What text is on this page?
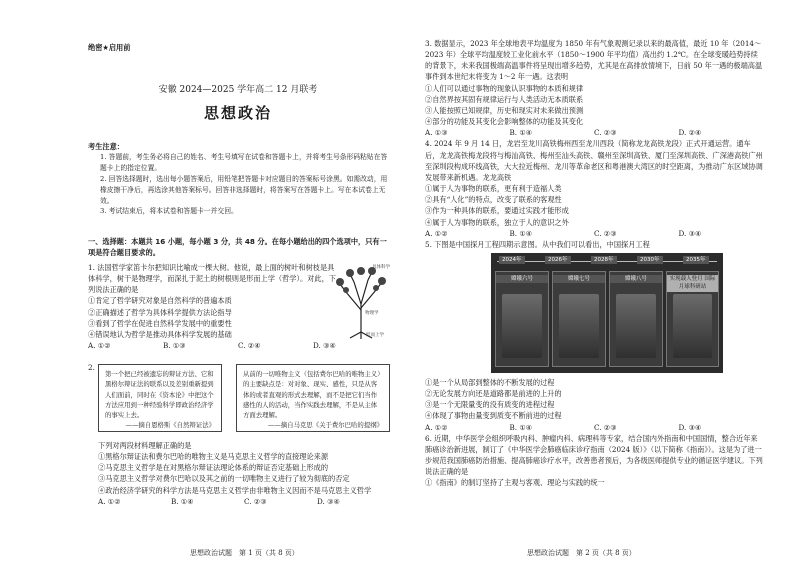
绝密★启用前
安徽 2024—2025 学年高二 12 月联考
思想政治
考生注意：

1. 答题前，考生务必将自己的姓名、考生号填写在试卷和答题卡上，并将考生号条形码粘贴在答题卡上的指定位置。

2. 回答选择题时，选出每小题答案后，用铅笔把答题卡对应题目的答案标号涂黑。如需改动，用橡皮擦干净后，再选涂其他答案标号。回答非选择题时，将答案写在答题卡上。写在本试卷上无效。

3. 考试结束后，将本试卷和答题卡一并交回。

一、选择题：本题共 16 小题，每小题 3 分，共 48 分。在每小题给出的四个选项中，只有一项是符合题目要求的。
1. 法国哲学家笛卡尔把知识比喻成一棵大树。他说，最上面的树叶和树枝是具体科学，树干是物理学，而深扎于泥土的树根则是形而上学（哲学）。对此，下列说法正确的是
①肯定了哲学研究对象是自然科学的普遍本质
②正确描述了哲学为具体科学提供方法论指导
③看到了哲学在促进自然科学发展中的重要性
④错误地认为哲学是推动具体科学发展的基础
A. ①②	B. ①③	C. ②④	D. ③④
具体科学
物理学
形而上学
2.
第一个把已经被遗忘的辩证方法、它和黑格尔辩证法的联系以及差别重新提到人们面前，同时在《资本论》中把这个方法应用到一种经验科学即政治经济学的事实上去。
——摘自恩格斯《自然辩证法》
从前的一切唯物主义（包括费尔巴哈的唯物主义）的主要缺点是：对对象、现实、感性，只是从客体的或者直观的形式去理解，而不是把它们当作感性的人的活动，当作实践去理解，不是从主体方面去理解。
——摘自马克思《关于费尔巴哈的提纲》
下列对两段材料理解正确的是
①黑格尔辩证法和费尔巴哈的唯物主义是马克思主义哲学的直接理论来源
②马克思主义哲学是在对黑格尔辩证法理论体系的辩证否定基础上形成的
③马克思主义哲学对费尔巴哈以及其之前的一切唯物主义进行了较为彻底的否定
④政治经济学研究的科学方法是马克思主义哲学由非唯物主义因而不是马克思主义哲学
A. ①②	B. ①④	C. ②③	D. ③④
思想政治试题　第 1 页（共 8 页）

3. 数据显示，2023 年全球地表平均温度为 1850 年有气象观测记录以来的最高值，最近 10 年（2014～2023 年）全球平均温度较工业化前水平（1850～1900 年平均值）高出约 1.2℃。在全球变暖趋势持续的背景下，未来我国极端高温事件将呈现出增多趋势，尤其是在高排放情境下，日前 50 年一遇的极端高温事件到本世纪末将变为 1～2 年一遇。这表明

①人们可以通过事物的现象认识事物的本质和规律

②自然界按其固有规律运行与人类活动无本质联系

③人能按照已知规律，历史和现实对未来做出预测

④部分的功能及其变化会影响整体的功能及其变化

A. ①③	B. ①④	C. ②③	D. ②④

4. 2024 年 9 月 14 日，龙岩至龙川高铁梅州西至龙川西段（简称龙龙高铁龙段）正式开通运营。通车后，龙龙高铁梅龙段将与梅汕高铁、梅州至汕头高铁、赣州至深圳高铁、厦门至深圳高铁、广深港高铁广州至深圳段构成环线高铁，大大拉近梅州、龙川等革命老区和粤港澳大湾区的时空距离，为推动广东区域协调发展带来新机遇。龙龙高铁

①属于人为事物的联系，更有利于造福人类

②具有“人化”的特点，改变了联系的客观性

③作为一种具体的联系，要通过实践才能形成

④属于人为事物的联系，独立于人的意识之外

A. ①②	B. ①④	C. ②③	D. ③④

5. 下图是中国探月工程四期示意图。从中我们可以看出，中国探月工程

2024年	2026年	2028年	2030年	2035年
嫦娥六号	嫦娥七号	嫦娥八号	实现载人登月 国际月球科研站

①是一个从局部到整体的不断发展的过程

②无论发展方向还是道路都是前进的上升的

③是一个无限量变的没有质变的进程过程

④体现了事物由量变到质变不断前进的过程

A. ①②	B. ①④	C. ②③	D. ③④

6. 近期，中华医学会组织呼吸内科、肿瘤内科、病理科等专家，结合国内外指南和中国国情，整合近年来肺癌诊治新进展，制订了《中华医学会肺癌临床诊疗指南（2024 版）》（以下简称《指南》）。这是为了进一步规范我国肺癌防治措施、提高肺癌诊疗水平，改善患者预后，为各级医师提供专业的循证医学建议。下列说法正确的是

①《指南》的制订坚持了主观与客观、理论与实践的统一

思想政治试题　第 2 页（共 8 页）
